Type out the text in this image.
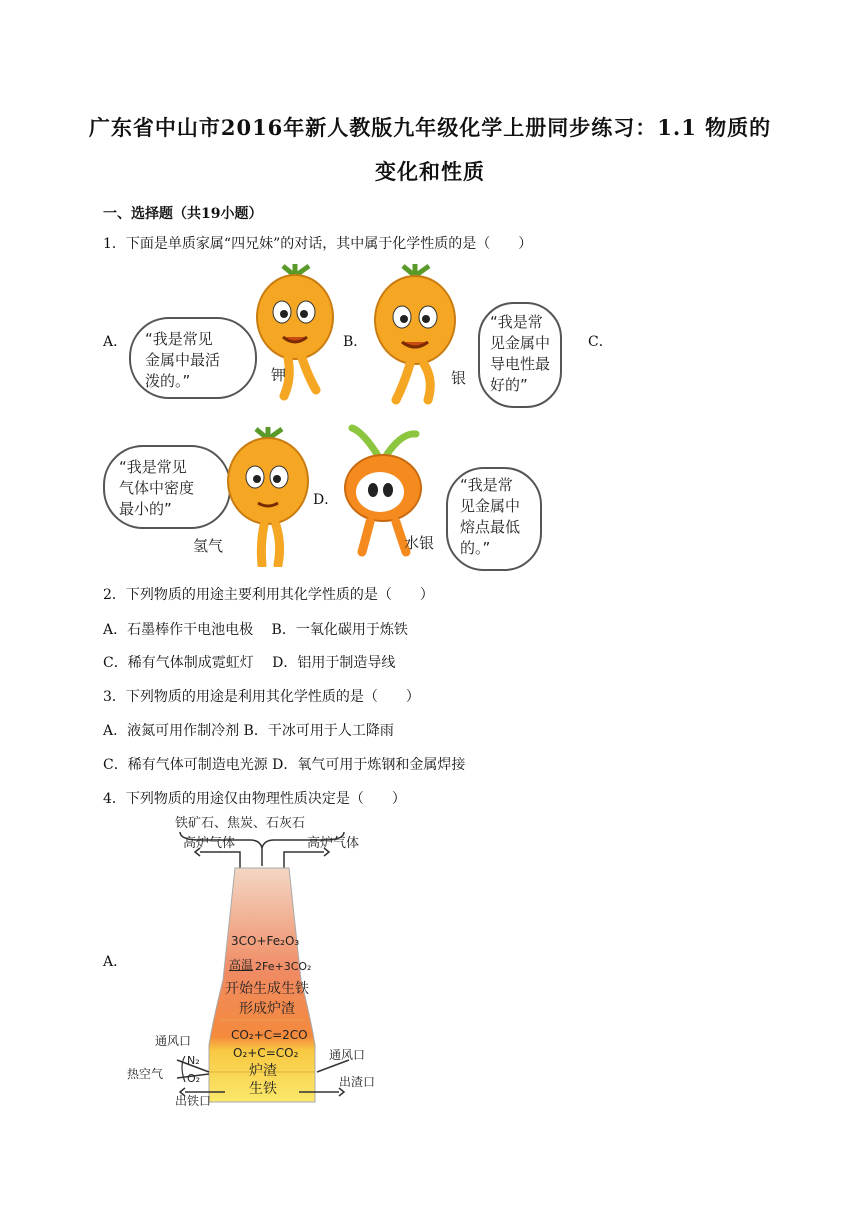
广东省中山市2016年新人教版九年级化学上册同步练习：1.1 物质的
变化和性质
一、选择题（共19小题）
1．下面是单质家属“四兄妹”的对话，其中属于化学性质的是（　　）
A．	B．	C．
D．
“我是常见
金属中最活
泼的。”	钾	银
“我是常
见金属中
导电性最
好的”
“我是常见
气体中密度
最小的”
氢气	水银
“我是常
见金属中
熔点最低
的。”
2．下列物质的用途主要利用其化学性质的是（　　）
A．石墨棒作干电池电极　 B．一氧化碳用于炼铁
C．稀有气体制成霓虹灯　 D．铝用于制造导线
3．下列物质的用途是利用其化学性质的是（　　）
A．液氮可用作制冷剂 B．干冰可用于人工降雨
C．稀有气体可制造电光源 D．氧气可用于炼钢和金属焊接
4．下列物质的用途仅由物理性质决定是（　　）
A．
铁矿石、焦炭、石灰石
高炉气体	高炉气体
3CO+Fe₂O₃
高温 2Fe+3CO₂
开始生成生铁
形成炉渣
CO₂+C=2CO
O₂+C=CO₂
炉渣
生铁
通风口
通风口
热空气
N₂
O₂
出铁口
出渣口
